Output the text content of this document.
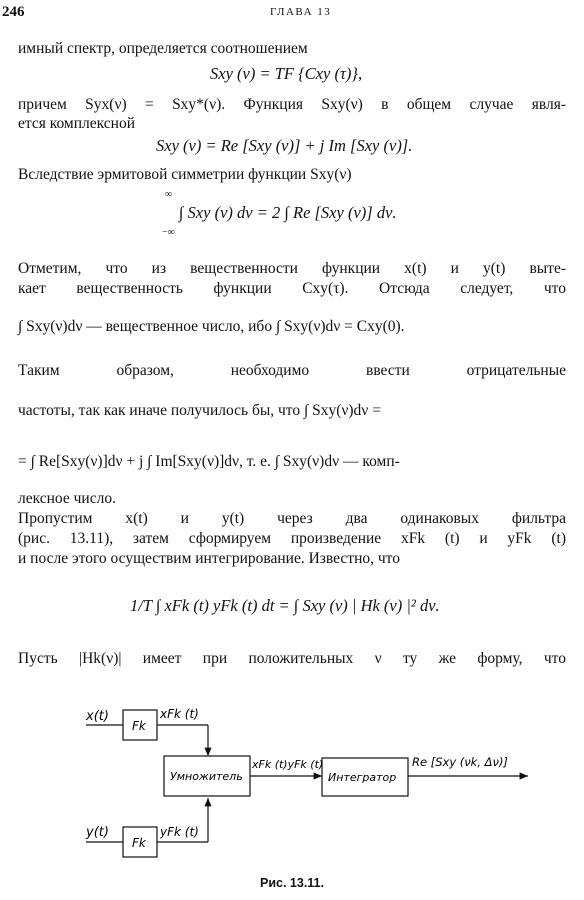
246	ГЛАВА 13
имный спектр, определяется соотношением
Sxy (ν) = TF {Cxy (τ)},
причем Syx(ν) = Sxy*(ν). Функция Sxy(ν) в общем случае явля-
ется комплексной
Sxy (ν) = Re [Sxy (ν)] + j Im [Sxy (ν)].
Вследствие эрмитовой симметрии функции Sxy(ν)
∞
−∞
∫ Sxy (ν) dν = 2 ∫ Re [Sxy (ν)] dν.
Отметим, что из вещественности функции x(t) и y(t) выте-
кает вещественность функции Cxy(τ). Отсюда следует, что
∫ Sxy(ν)dν — вещественное число, ибо ∫ Sxy(ν)dν = Cxy(0).
Таким образом, необходимо ввести отрицательные
частоты, так как иначе получилось бы, что ∫ Sxy(ν)dν =
= ∫ Re[Sxy(ν)]dν + j ∫ Im[Sxy(ν)]dν, т. е. ∫ Sxy(ν)dν — комп-
лексное число.
Пропустим x(t) и y(t) через два одинаковых фильтра
(рис. 13.11), затем сформируем произведение xFk (t) и yFk (t)
и после этого осуществим интегрирование. Известно, что
1/T ∫ xFk (t) yFk (t) dt = ∫ Sxy (ν) | Hk (ν) |² dν.
Пусть |Hk(ν)| имеет при положительных ν ту же форму, что
x(t)
Fk
xFk (t)
Умножитель
xFk (t)yFk (t)
Интегратор
Re [Sxy (νk, Δν)]
y(t)
Fk
yFk (t)
Рис. 13.11.
